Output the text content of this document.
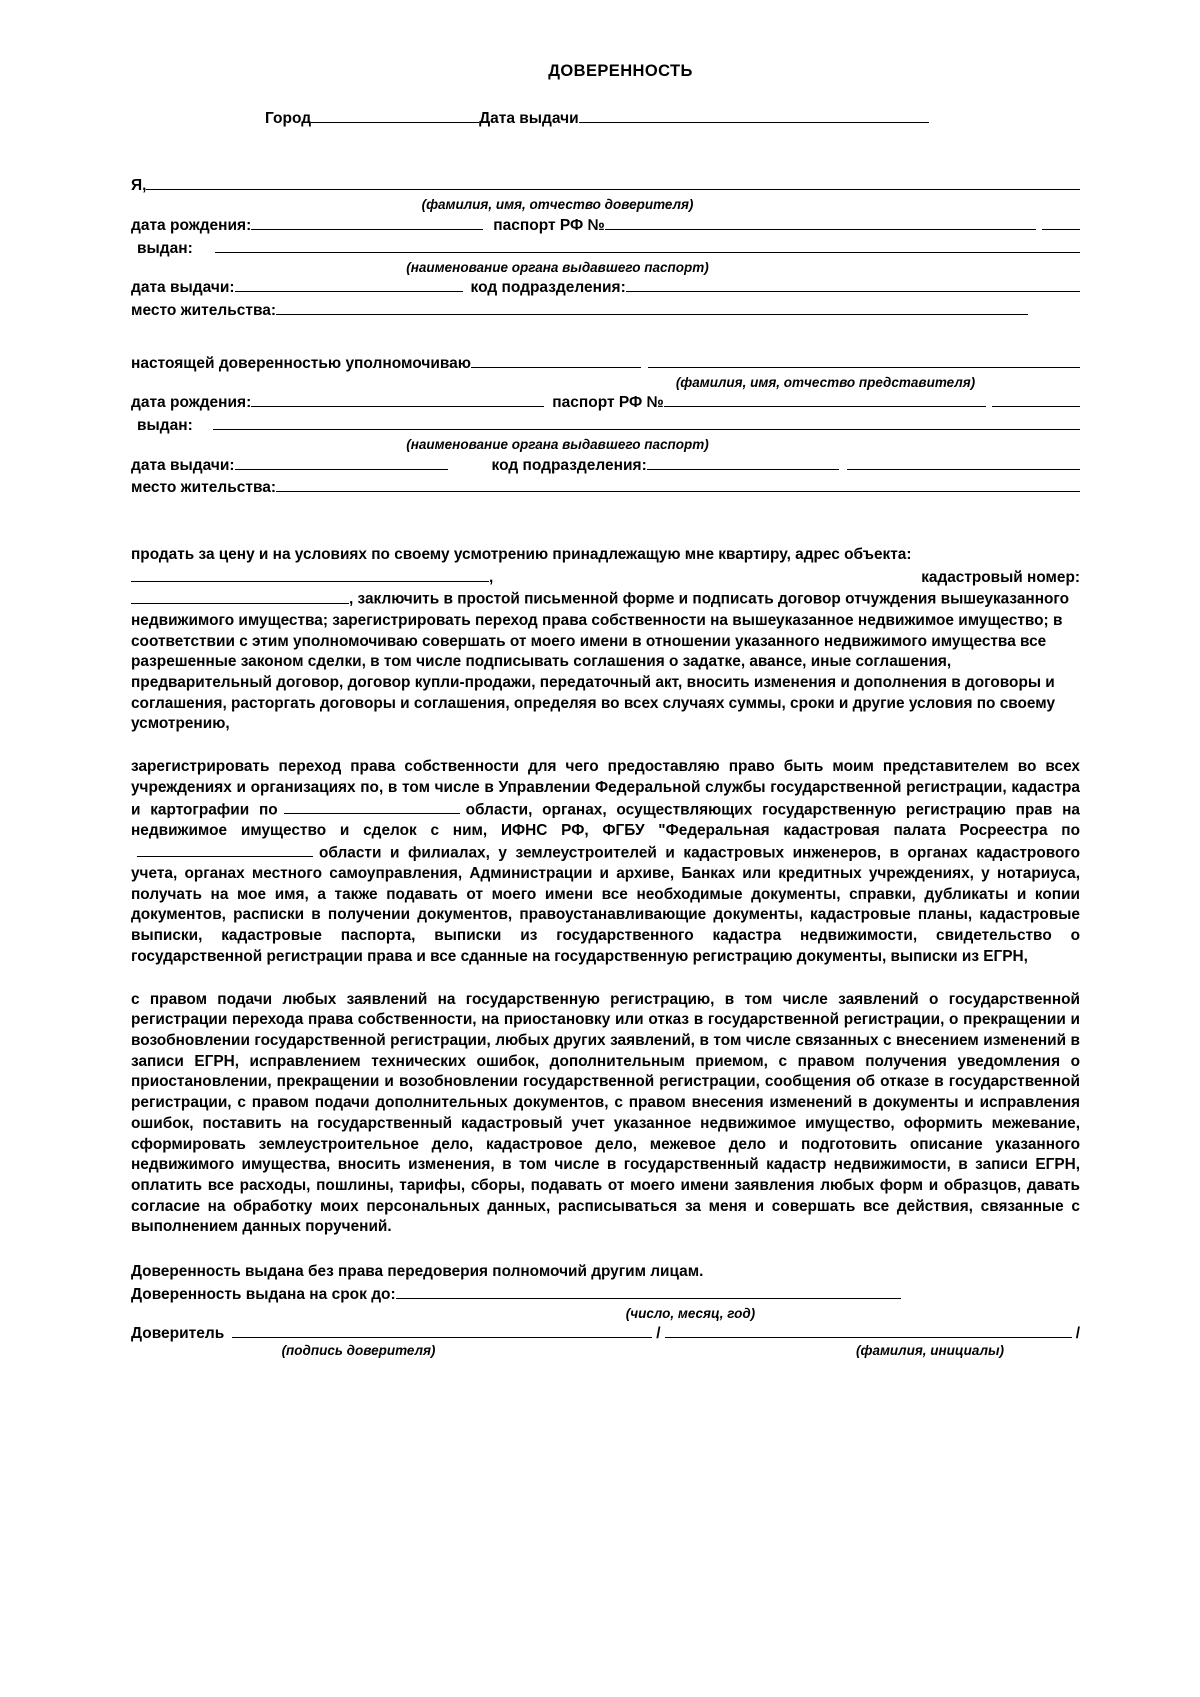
ДОВЕРЕННОСТЬ
Город	Дата выдачи
Я,
(фамилия, имя, отчество доверителя)
дата рождения:	паспорт РФ №
выдан:
(наименование органа выдавшего паспорт)
дата выдачи:	код подразделения:
место жительства:
настоящей доверенностью уполномочиваю
(фамилия, имя, отчество представителя)
дата рождения:	паспорт РФ №
выдан:
(наименование органа выдавшего паспорт)
дата выдачи:	код подразделения:
место жительства:
продать за цену и на условиях по своему усмотрению принадлежащую мне квартиру, адрес объекта:
,	кадастровый номер:
, заключить в простой письменной форме и подписать договор отчуждения вышеуказанного недвижимого имущества; зарегистрировать переход права собственности на вышеуказанное недвижимое имущество; в соответствии с этим уполномочиваю совершать от моего имени в отношении указанного недвижимого имущества все разрешенные законом сделки, в том числе подписывать соглашения о задатке, авансе, иные соглашения, предварительный договор, договор купли-продажи, передаточный акт, вносить изменения и дополнения в договоры и соглашения, расторгать договоры и соглашения, определяя во всех случаях суммы, сроки и другие условия по своему усмотрению,
зарегистрировать переход права собственности для чего предоставляю право быть моим представителем во всех учреждениях и организациях по, в том числе в Управлении Федеральной службы государственной регистрации, кадастра и картографии по	области, органах, осуществляющих государственную регистрацию прав на недвижимое имущество и сделок с ним, ИФНС РФ, ФГБУ "Федеральная кадастровая палата Росреестра пообласти и филиалах, у землеустроителей и кадастровых инженеров, в органах кадастрового учета, органах местного самоуправления, Администрации и архиве, Банках или кредитных учреждениях, у нотариуса, получать на мое имя, а также подавать от моего имени все необходимые документы, справки, дубликаты и копии документов, расписки в получении документов, правоустанавливающие документы, кадастровые планы, кадастровые выписки, кадастровые паспорта, выписки из государственного кадастра недвижимости, свидетельство о государственной регистрации права и все сданные на государственную регистрацию документы, выписки из ЕГРН,
с правом подачи любых заявлений на государственную регистрацию, в том числе заявлений о государственной регистрации перехода права собственности, на приостановку или отказ в государственной регистрации, о прекращении и возобновлении государственной регистрации, любых других заявлений, в том числе связанных с внесением изменений в записи ЕГРН, исправлением технических ошибок, дополнительным приемом, с правом получения уведомления о приостановлении, прекращении и возобновлении государственной регистрации, сообщения об отказе в государственной регистрации, с правом подачи дополнительных документов, с правом внесения изменений в документы и исправления ошибок, поставить на государственный кадастровый учет указанное недвижимое имущество, оформить межевание, сформировать землеустроительное дело, кадастровое дело, межевое дело и подготовить описание указанного недвижимого имущества, вносить изменения, в том числе в государственный кадастр недвижимости, в записи ЕГРН, оплатить все расходы, пошлины, тарифы, сборы, подавать от моего имени заявления любых форм и образцов, давать согласие на обработку моих персональных данных, расписываться за меня и совершать все действия, связанные с выполнением данных поручений.
Доверенность выдана без права передоверия полномочий другим лицам.
Доверенность выдана на срок до:
(число, месяц, год)
Доверитель	/	/
(подпись доверителя)	(фамилия, инициалы)
